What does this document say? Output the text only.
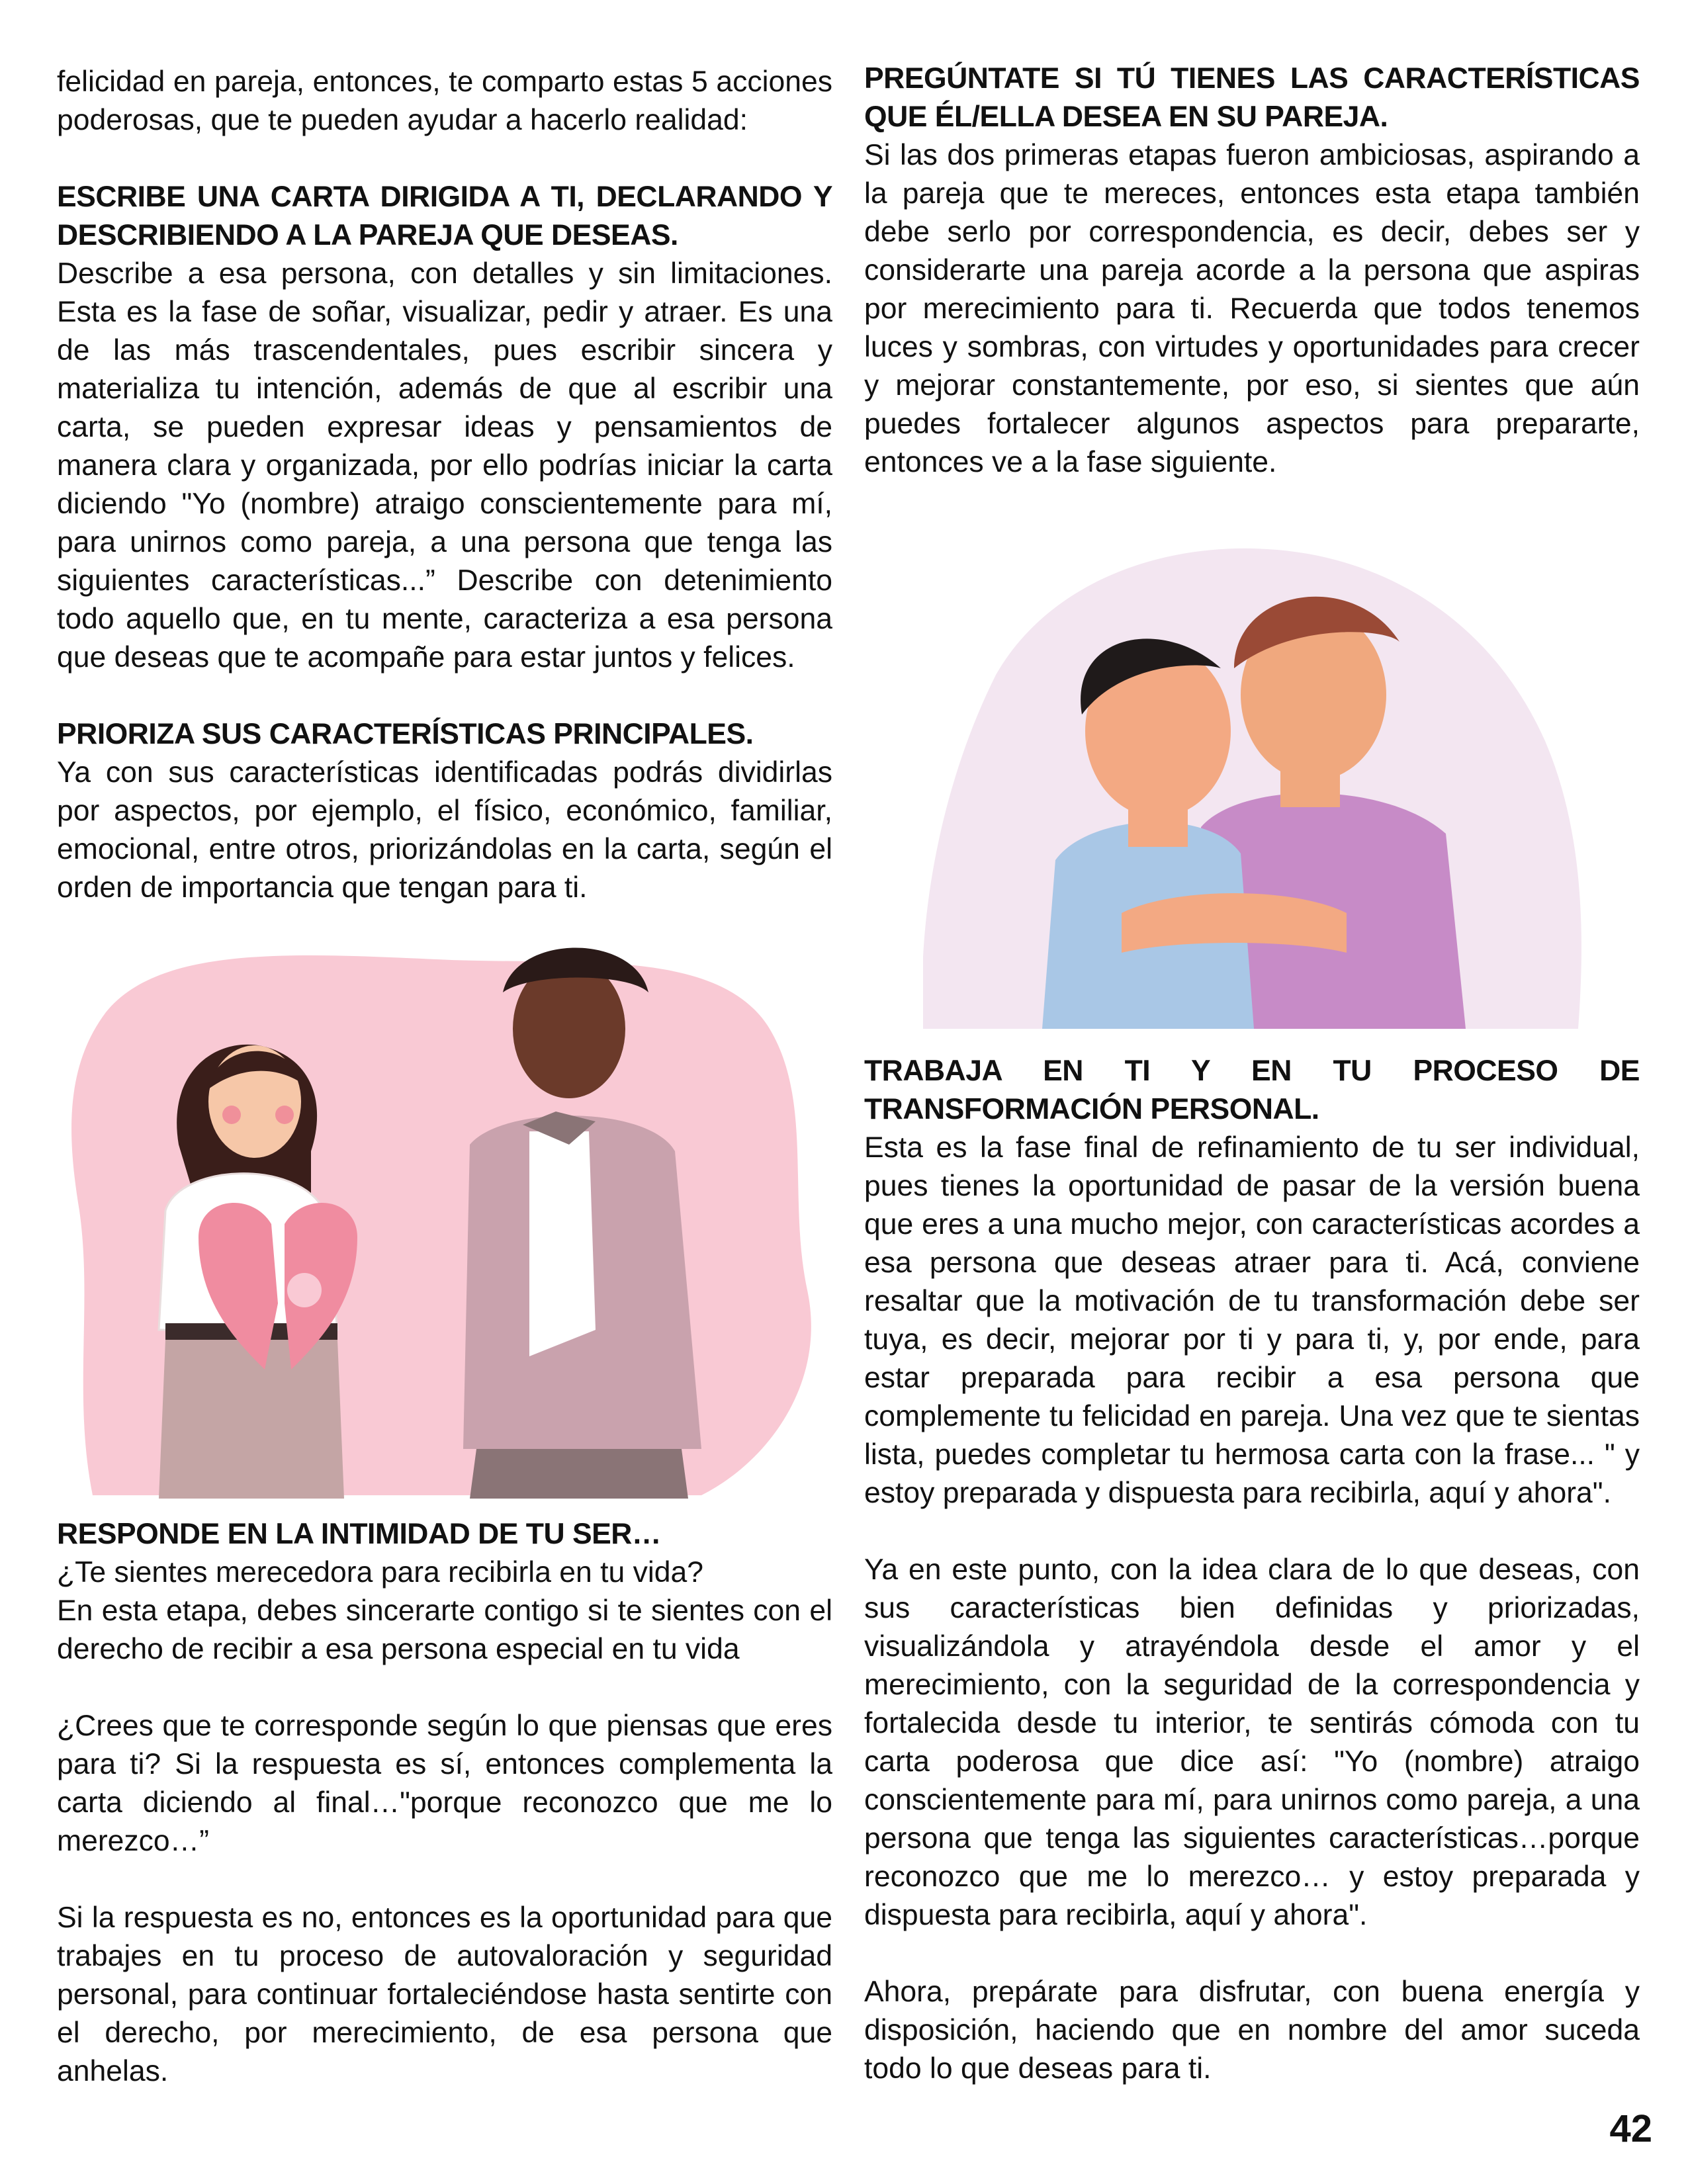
felicidad en pareja, entonces, te comparto estas 5 acciones poderosas, que te pueden ayudar a hacerlo realidad:

ESCRIBE UNA CARTA DIRIGIDA A TI, DECLARANDO Y DESCRIBIENDO A LA PAREJA QUE DESEAS.

Describe a esa persona, con detalles y sin limitaciones. Esta es la fase de soñar, visualizar, pedir y atraer. Es una de las más trascendentales, pues escribir sincera y materializa tu intención, además de que al escribir una carta, se pueden expresar ideas y pensamientos de manera clara y organizada, por ello podrías iniciar la carta diciendo "Yo (nombre) atraigo conscientemente para mí, para unirnos como pareja, a una persona que tenga las siguientes características...” Describe con detenimiento todo aquello que, en tu mente, caracteriza a esa persona que deseas que te acompañe para estar juntos y felices.

PRIORIZA SUS CARACTERÍSTICAS PRINCIPALES.

Ya con sus características identificadas podrás dividirlas por aspectos, por ejemplo, el físico, económico, familiar, emocional, entre otros, priorizándolas en la carta, según el orden de importancia que tengan para ti.

RESPONDE EN LA INTIMIDAD DE TU SER…

¿Te sientes merecedora para recibirla en tu vida?

En esta etapa, debes sincerarte contigo si te sientes con el derecho de recibir a esa persona especial en tu vida

¿Crees que te corresponde según lo que piensas que eres para ti? Si la respuesta es sí, entonces complementa la carta diciendo al final…"porque reconozco que me lo merezco…”

Si la respuesta es no, entonces es la oportunidad para que trabajes en tu proceso de autovaloración y seguridad personal, para continuar fortaleciéndose hasta sentirte con el derecho, por merecimiento, de esa persona que anhelas.

PREGÚNTATE SI TÚ TIENES LAS CARACTERÍSTICAS QUE ÉL/ELLA DESEA EN SU PAREJA.

Si las dos primeras etapas fueron ambiciosas, aspirando a la pareja que te mereces, entonces esta etapa también debe serlo por correspondencia, es decir, debes ser y considerarte una pareja acorde a la persona que aspiras por merecimiento para ti. Recuerda que todos tenemos luces y sombras, con virtudes y oportunidades para crecer y mejorar constantemente, por eso, si sientes que aún puedes fortalecer algunos aspectos para prepararte, entonces ve a la fase siguiente.

TRABAJA EN TI Y EN TU PROCESO DE TRANSFORMACIÓN PERSONAL.

Esta es la fase final de refinamiento de tu ser individual, pues tienes la oportunidad de pasar de la versión buena que eres a una mucho mejor, con características acordes a esa persona que deseas atraer para ti. Acá, conviene resaltar que la motivación de tu transformación debe ser tuya, es decir, mejorar por ti y para ti, y, por ende, para estar preparada para recibir a esa persona que complemente tu felicidad en pareja. Una vez que te sientas lista, puedes completar tu hermosa carta con la frase... " y estoy preparada y dispuesta para recibirla, aquí y ahora".

Ya en este punto, con la idea clara de lo que deseas, con sus características bien definidas y priorizadas, visualizándola y atrayéndola desde el amor y el merecimiento, con la seguridad de la correspondencia y fortalecida desde tu interior, te sentirás cómoda con tu carta poderosa que dice así: "Yo (nombre) atraigo conscientemente para mí, para unirnos como pareja, a una persona que tenga las siguientes características…porque reconozco que me lo merezco… y estoy preparada y dispuesta para recibirla, aquí y ahora".

Ahora, prepárate para disfrutar, con buena energía y disposición, haciendo que en nombre del amor suceda todo lo que deseas para ti.

42
